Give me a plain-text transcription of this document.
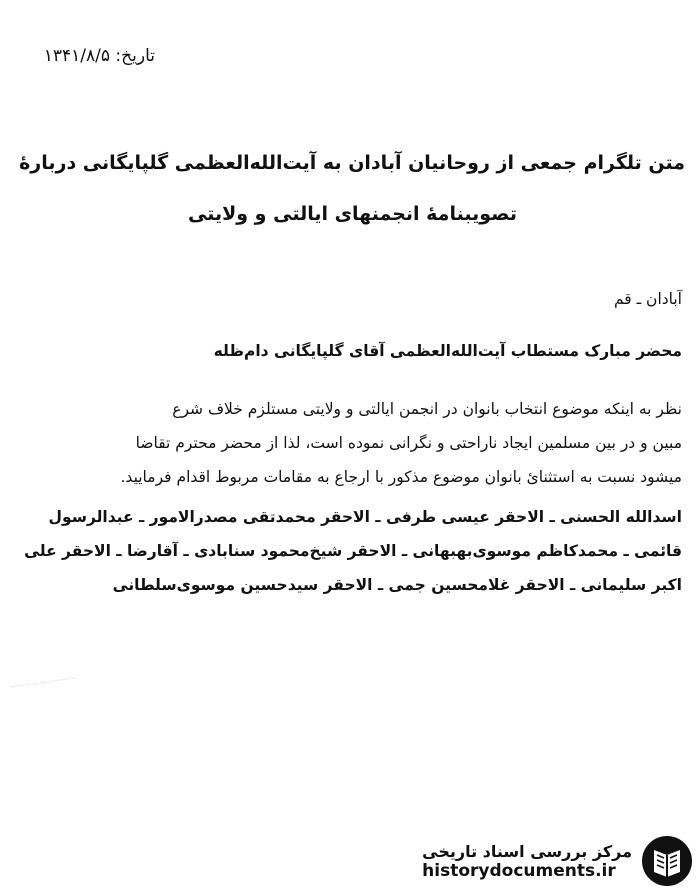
تاریخ: ۱۳۴۱/۸/۵
متن تلگرام جمعی از روحانیان آبادان به آیت‌الله‌العظمی گلپایگانی دربارهٔ
تصویبنامهٔ انجمنهای ایالتی و ولایتی
آبادان ـ قم
محضر مبارک مستطاب آیت‌الله‌العظمی آقای گلپایگانی دام‌ظله
نظر به اینکه موضوع انتخاب بانوان در انجمن ایالتی و ولایتی مستلزم خلاف شرع
مبین و در بین مسلمین ایجاد ناراحتی و نگرانی نموده است، لذا از محضر محترم تقاضا
میشود نسبت به استثنائ بانوان موضوع مذکور با ارجاع به مقامات مربوط اقدام فرمایید.
اسدالله الحسنی ـ الاحقر عیسی طرفی ـ الاحقر محمدتقی مصدرالامور ـ عبدالرسول
قائمی ـ محمدکاظم موسوی‌بهبهانی ـ الاحقر شیخ‌محمود سنابادی ـ آقارضا ـ الاحقر علی
اکبر سلیمانی ـ الاحقر غلامحسین جمی ـ الاحقر سیدحسین موسوی‌سلطانی
مرکز بررسی اسناد تاریخی
historydocuments.ir
